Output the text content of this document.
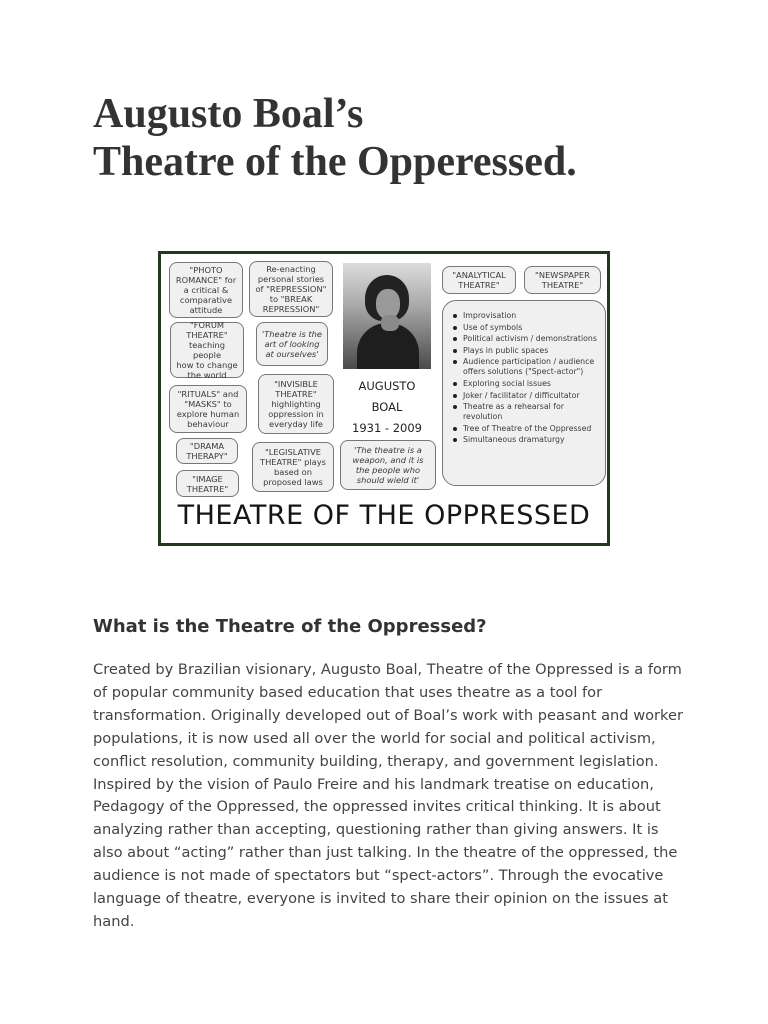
Augusto Boal’s
Theatre of the Opperessed.
"PHOTO
ROMANCE" for
a critical &
comparative
attitude
Re-enacting
personal stories
of "REPRESSION"
to "BREAK
REPRESSION"
"FORUM
THEATRE"
teaching people
how to change
the world
'Theatre is the
art of looking
at ourselves'
"RITUALS" and
"MASKS" to
explore human
behaviour
"INVISIBLE
THEATRE"
highlighting
oppression in
everyday life
"DRAMA
THERAPY"
"IMAGE
THEATRE"
"LEGISLATIVE
THEATRE" plays
based on
proposed laws
'The theatre is a
weapon, and it is
the people who
should wield it'
"ANALYTICAL
THEATRE"
"NEWSPAPER
THEATRE"
AUGUSTO
BOAL
1931 - 2009
Improvisation
Use of symbols
Political activism / demonstrations
Plays in public spaces
Audience participation / audience offers solutions ("Spect-actor")
Exploring social issues
Joker / facilitator / difficultator
Theatre as a rehearsal for revolution
Tree of Theatre of the Oppressed
Simultaneous dramaturgy
THEATRE OF THE OPPRESSED
What is the Theatre of the Oppressed?

Created by Brazilian visionary, Augusto Boal, Theatre of the Oppressed is a form of popular community based education that uses theatre as a tool for transformation. Originally developed out of Boal’s work with peasant and worker populations, it is now used all over the world for social and political activism, conflict resolution, community building, therapy, and government legislation. Inspired by the vision of Paulo Freire and his landmark treatise on education, Pedagogy of the Oppressed, the oppressed invites critical thinking. It is about analyzing rather than accepting, questioning rather than giving answers. It is also about “acting” rather than just talking. In the theatre of the oppressed, the audience is not made of spectators but “spect-actors”. Through the evocative language of theatre, everyone is invited to share their opinion on the issues at hand.
